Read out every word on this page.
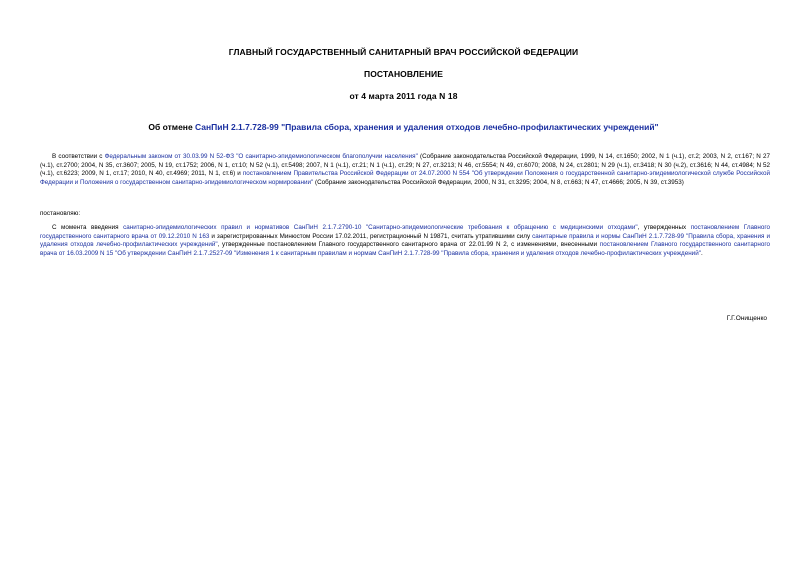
ГЛАВНЫЙ ГОСУДАРСТВЕННЫЙ САНИТАРНЫЙ ВРАЧ РОССИЙСКОЙ ФЕДЕРАЦИИ
ПОСТАНОВЛЕНИЕ
от 4 марта 2011 года N 18
Об отмене СанПиН 2.1.7.728-99 "Правила сбора, хранения и удаления отходов лечебно-профилактических учреждений"
В соответствии с Федеральным законом от 30.03.99 N 52-ФЗ "О санитарно-эпидемиологическом благополучии населения" (Собрание законодательства Российской Федерации, 1999, N 14, ст.1650; 2002, N 1 (ч.1), ст.2; 2003, N 2, ст.167; N 27 (ч.1), ст.2700; 2004, N 35, ст.3607; 2005, N 19, ст.1752; 2006, N 1, ст.10; N 52 (ч.1), ст.5498; 2007, N 1 (ч.1), ст.21; N 1 (ч.1), ст.29; N 27, ст.3213; N 46, ст.5554; N 49, ст.6070; 2008, N 24, ст.2801; N 29 (ч.1), ст.3418; N 30 (ч.2), ст.3616; N 44, ст.4984; N 52 (ч.1), ст.6223; 2009, N 1, ст.17; 2010, N 40, ст.4969; 2011, N 1, ст.6) и постановлением Правительства Российской Федерации от 24.07.2000 N 554 "Об утверждении Положения о государственной санитарно-эпидемиологической службе Российской Федерации и Положения о государственном санитарно-эпидемиологическом нормировании" (Собрание законодательства Российской Федерации, 2000, N 31, ст.3295; 2004, N 8, ст.663; N 47, ст.4666; 2005, N 39, ст.3953)
постановляю:
С момента введения санитарно-эпидемиологических правил и нормативов СанПиН 2.1.7.2790-10 "Санитарно-эпидемиологические требования к обращению с медицинскими отходами", утвержденных постановлением Главного государственного санитарного врача от 09.12.2010 N 163 и зарегистрированных Минюстом России 17.02.2011, регистрационный N 19871, считать утратившими силу санитарные правила и нормы СанПиН 2.1.7.728-99 "Правила сбора, хранения и удаления отходов лечебно-профилактических учреждений", утвержденные постановлением Главного государственного санитарного врача от 22.01.99 N 2, с изменениями, внесенными постановлением Главного государственного санитарного врача от 16.03.2009 N 15 "Об утверждении СанПиН 2.1.7.2527-09 "Изменения 1 к санитарным правилам и нормам СанПиН 2.1.7.728-99 "Правила сбора, хранения и удаления отходов лечебно-профилактических учреждений".
Г.Г.Онищенко
